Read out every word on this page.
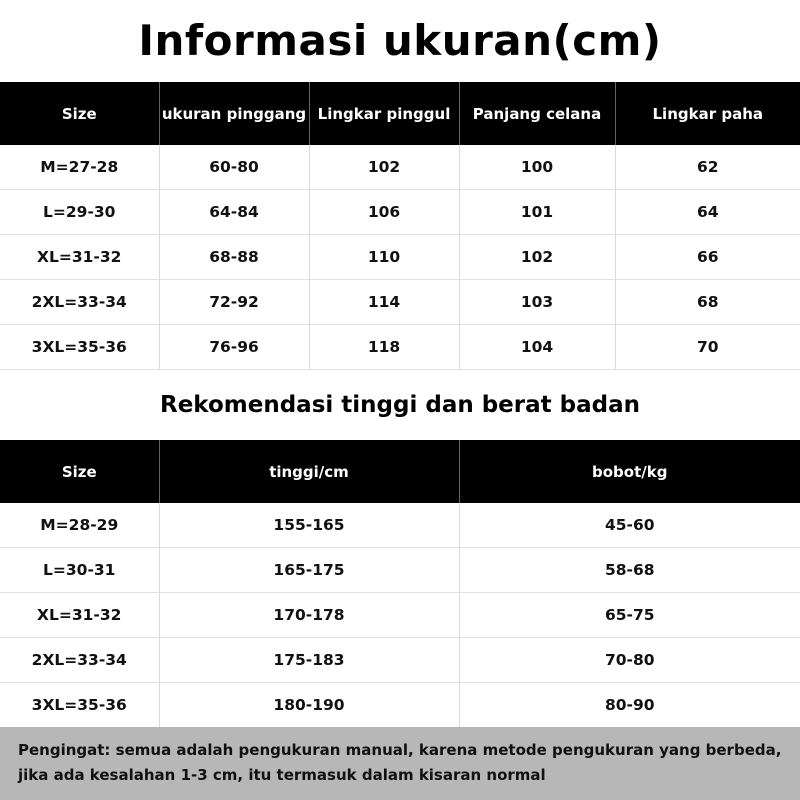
Informasi ukuran(cm)
Size	ukuran pinggang	Lingkar pinggul	Panjang celana	Lingkar paha
M=27-28	60-80	102	100	62
L=29-30	64-84	106	101	64
XL=31-32	68-88	110	102	66
2XL=33-34	72-92	114	103	68
3XL=35-36	76-96	118	104	70
Rekomendasi tinggi dan berat badan
Size	tinggi/cm	bobot/kg
M=28-29	155-165	45-60
L=30-31	165-175	58-68
XL=31-32	170-178	65-75
2XL=33-34	175-183	70-80
3XL=35-36	180-190	80-90
Pengingat: semua adalah pengukuran manual, karena metode pengukuran yang berbeda, jika ada kesalahan 1-3 cm, itu termasuk dalam kisaran normal
